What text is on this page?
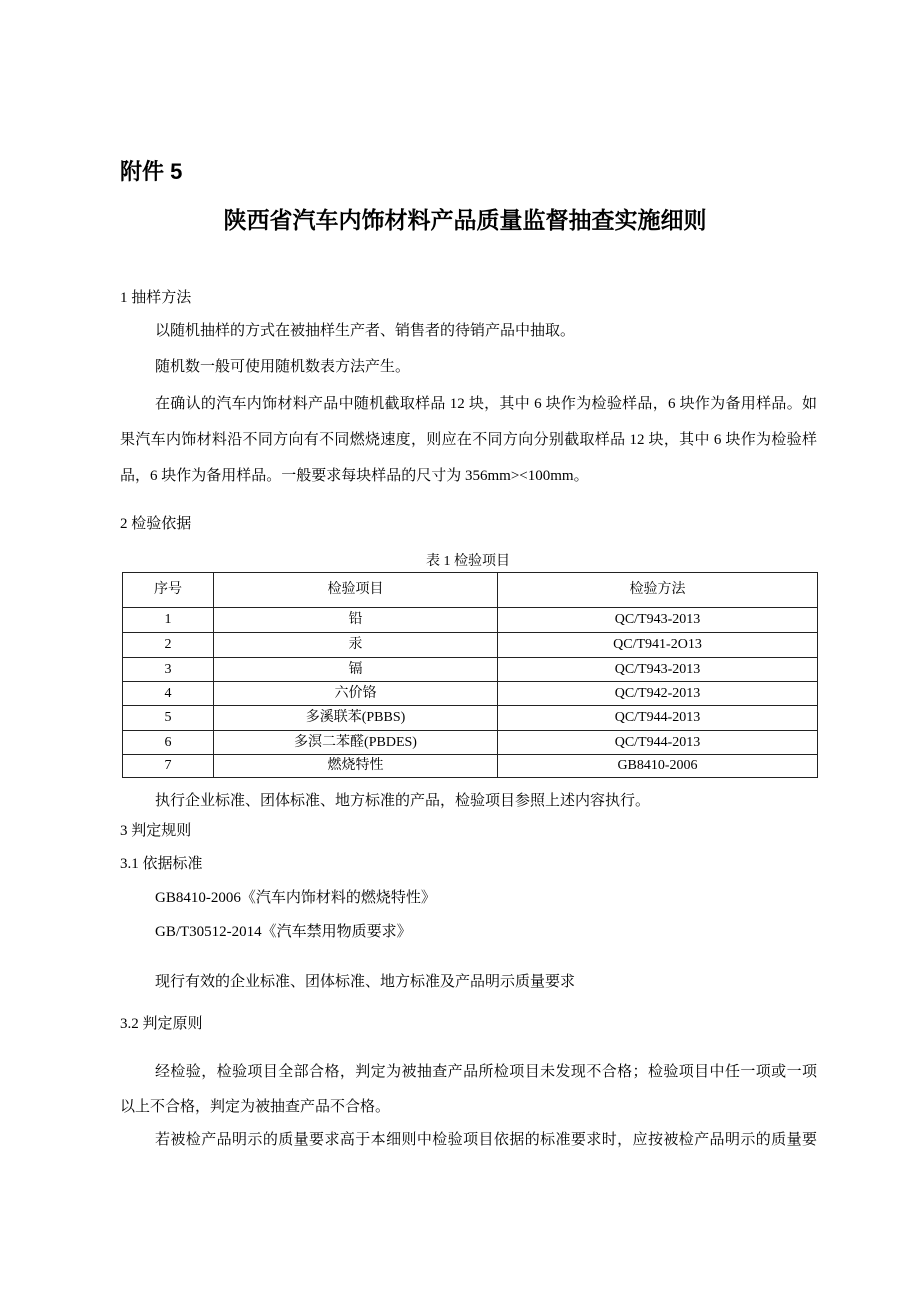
附件 5
陕西省汽车内饰材料产品质量监督抽查实施细则
1 抽样方法
以随机抽样的方式在被抽样生产者、销售者的待销产品中抽取。
随机数一般可使用随机数表方法产生。
在确认的汽车内饰材料产品中随机截取样品 12 块，其中 6 块作为检验样品，6 块作为备用样品。如
果汽车内饰材料沿不同方向有不同燃烧速度，则应在不同方向分别截取样品 12 块，其中 6 块作为检验样
品，6 块作为备用样品。一般要求每块样品的尺寸为 356mm><100mm。
2 检验依据
表 1 检验项目
序号	检验项目	检验方法
1	铅	QC/T943-2013
2	汞	QC/T941-2O13
3	镉	QC/T943-2013
4	六价铬	QC/T942-2013
5	多溪联苯(PBBS)	QC/T944-2013
6	多溟二苯醛(PBDES)	QC/T944-2013
7	燃烧特性	GB8410-2006
执行企业标准、团体标准、地方标准的产品，检验项目参照上述内容执行。
3 判定规则
3.1 依据标准
GB8410-2006《汽车内饰材料的燃烧特性》
GB/T30512-2014《汽车禁用物质要求》
现行有效的企业标准、团体标准、地方标准及产品明示质量要求
3.2 判定原则
经检验，检验项目全部合格，判定为被抽查产品所检项目未发现不合格；检验项目中任一项或一项
以上不合格，判定为被抽查产品不合格。
若被检产品明示的质量要求高于本细则中检验项目依据的标准要求时，应按被检产品明示的质量要
